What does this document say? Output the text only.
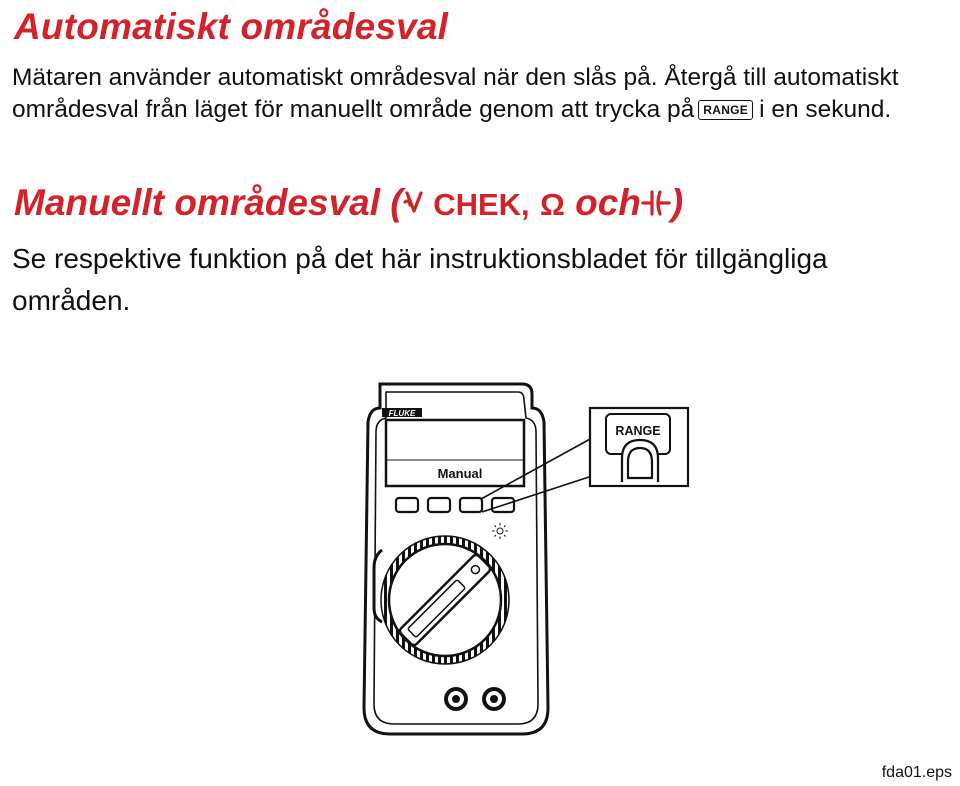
Automatiskt områdesval

Mätaren använder automatiskt områdesval när den slås på. Återgå till automatiskt områdesval från läget för manuellt område genom att trycka på RANGE i en sekund.

Manuellt områdesval ( CHEK, Ω och )

Se respektive funktion på det här instruktionsbladet för tillgängliga områden.

FLUKE
Manual
RANGE

fda01.eps
